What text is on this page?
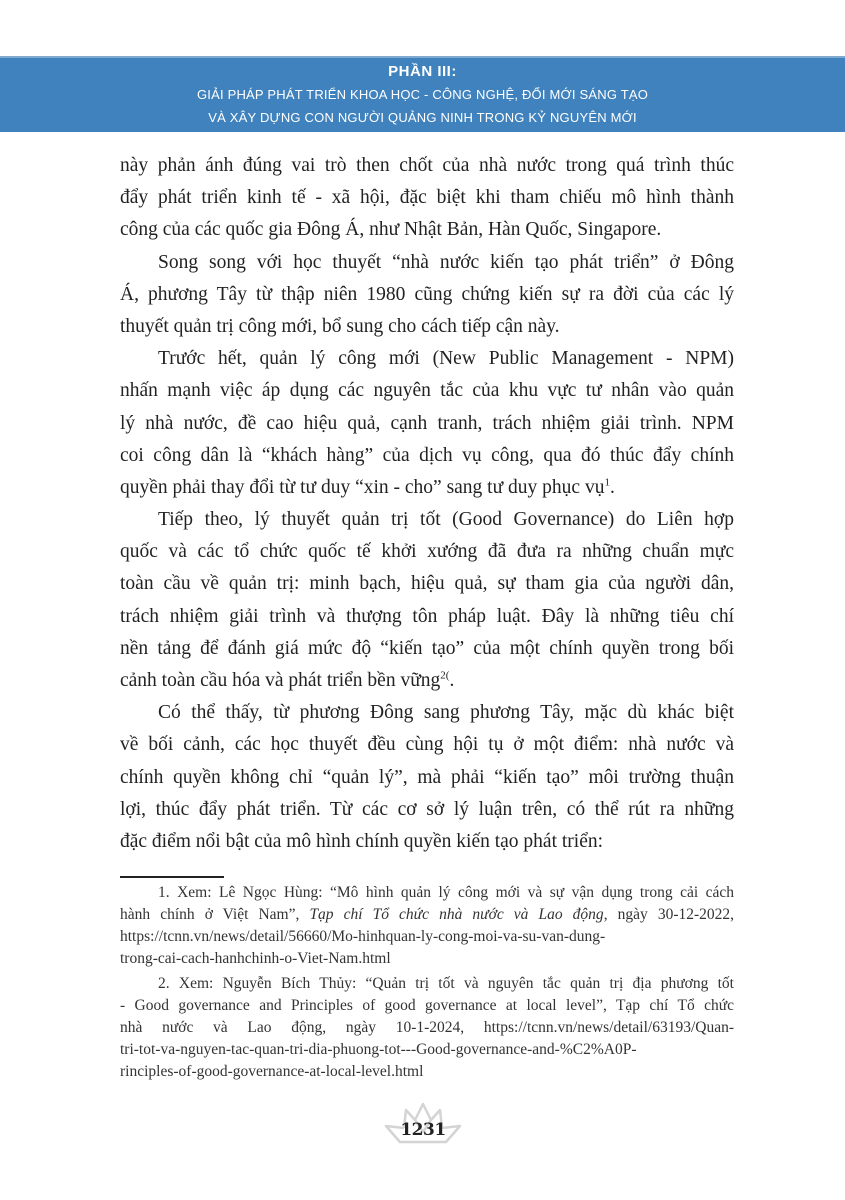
PHẦN III:
GIẢI PHÁP PHÁT TRIỂN KHOA HỌC - CÔNG NGHỆ, ĐỔI MỚI SÁNG TẠO
VÀ XÂY DỰNG CON NGƯỜI QUẢNG NINH TRONG KỶ NGUYÊN MỚI
này phản ánh đúng vai trò then chốt của nhà nước trong quá trình thúc
đẩy phát triển kinh tế - xã hội, đặc biệt khi tham chiếu mô hình thành
công của các quốc gia Đông Á, như Nhật Bản, Hàn Quốc, Singapore.
Song song với học thuyết “nhà nước kiến tạo phát triển” ở Đông
Á, phương Tây từ thập niên 1980 cũng chứng kiến sự ra đời của các lý
thuyết quản trị công mới, bổ sung cho cách tiếp cận này.
Trước hết, quản lý công mới (New Public Management - NPM)
nhấn mạnh việc áp dụng các nguyên tắc của khu vực tư nhân vào quản
lý nhà nước, đề cao hiệu quả, cạnh tranh, trách nhiệm giải trình. NPM
coi công dân là “khách hàng” của dịch vụ công, qua đó thúc đẩy chính
quyền phải thay đổi từ tư duy “xin - cho” sang tư duy phục vụ$^1$.
Tiếp theo, lý thuyết quản trị tốt (Good Governance) do Liên hợp
quốc và các tổ chức quốc tế khởi xướng đã đưa ra những chuẩn mực
toàn cầu về quản trị: minh bạch, hiệu quả, sự tham gia của người dân,
trách nhiệm giải trình và thượng tôn pháp luật. Đây là những tiêu chí
nền tảng để đánh giá mức độ “kiến tạo” của một chính quyền trong bối
cảnh toàn cầu hóa và phát triển bền vững$^{2(}$.
Có thể thấy, từ phương Đông sang phương Tây, mặc dù khác biệt
về bối cảnh, các học thuyết đều cùng hội tụ ở một điểm: nhà nước và
chính quyền không chỉ “quản lý”, mà phải “kiến tạo” môi trường thuận
lợi, thúc đẩy phát triển. Từ các cơ sở lý luận trên, có thể rút ra những
đặc điểm nổi bật của mô hình chính quyền kiến tạo phát triển:
1. Xem: Lê Ngọc Hùng: “Mô hình quản lý công mới và sự vận dụng trong cải cách
hành chính ở Việt Nam”, Tạp chí Tổ chức nhà nước và Lao động, ngày 30-12-2022,
https://tcnn.vn/news/detail/56660/Mo-hinhquan-ly-cong-moi-va-su-van-dung-
trong-cai-cach-hanhchinh-o-Viet-Nam.html
2. Xem: Nguyễn Bích Thủy: “Quản trị tốt và nguyên tắc quản trị địa phương tốt
- Good governance and Principles of good governance at local level”, Tạp chí Tổ chức
nhà nước và Lao động, ngày 10-1-2024, https://tcnn.vn/news/detail/63193/Quan-
tri-tot-va-nguyen-tac-quan-tri-dia-phuong-tot---Good-governance-and-%C2%A0P-
rinciples-of-good-governance-at-local-level.html
1231
